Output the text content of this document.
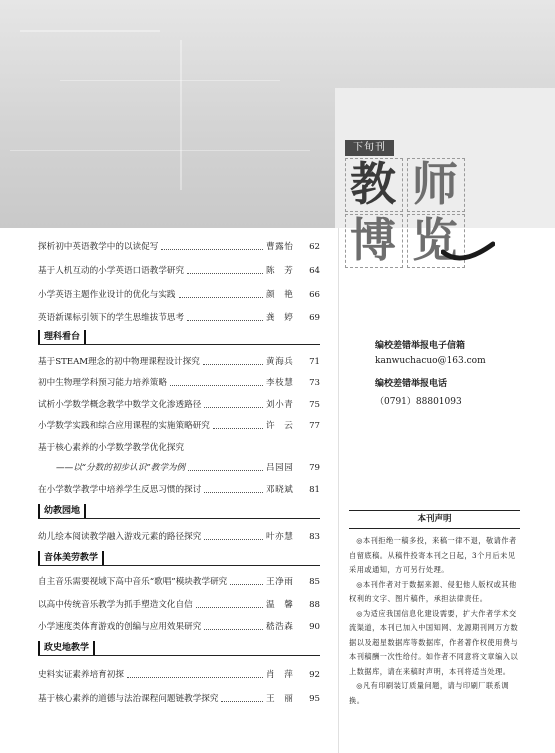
下旬刊
教 师
博 览
探析初中英语教学中的以读促写	曹露怡	62
基于人机互动的小学英语口语教学研究	陈　芳	64
小学英语主题作业设计的优化与实践	颜　艳	66
英语新课标引领下的学生思维拔节思考	龚　婷	69
理科看台
基于STEAM理念的初中物理课程设计探究	黄海兵	71
初中生物理学科预习能力培养策略	李枝慧	73
试析小学数学概念教学中数学文化渗透路径	刘小青	75
小学数学实践和综合应用课程的实施策略研究	许　云	77
基于核心素养的小学数学教学优化探究
——以“分数的初步认识”教学为例	吕园园	79
在小学数学教学中培养学生反思习惯的探讨	邓晓斌	81
幼教园地
幼儿绘本阅读教学融入游戏元素的路径探究	叶亦慧	83
音体美劳教学
自主音乐需要视域下高中音乐“歌唱”模块教学研究	王净雨	85
以高中传统音乐教学为抓手塑造文化自信	温　馨	88
小学速度类体育游戏的创编与应用效果研究	嵇浩森	90
政史地教学
史料实证素养培育初探	肖　萍	92
基于核心素养的道德与法治课程问题链教学探究	王　丽	95
编校差错举报电子信箱
kanwuchacuo@163.com
编校差错举报电话
（0791）88801093
本刊声明

◎本刊拒绝一稿多投，来稿一律不退，敬请作者自留底稿。从稿件投寄本刊之日起，3个月后未见采用或通知，方可另行处理。

◎本刊作者对于数据来源、侵犯他人版权或其他权利的文字、图片稿件，承担法律责任。

◎为适应我国信息化建设需要，扩大作者学术交流渠道，本刊已加入中国知网、龙源期刊网万方数据以及超星数据库等数据库，作者著作权使用费与本刊稿酬一次性给付。如作者不同意将文章编入以上数据库，请在来稿时声明，本刊将适当处理。

◎凡有印刷装订质量问题，请与印刷厂联系调换。
